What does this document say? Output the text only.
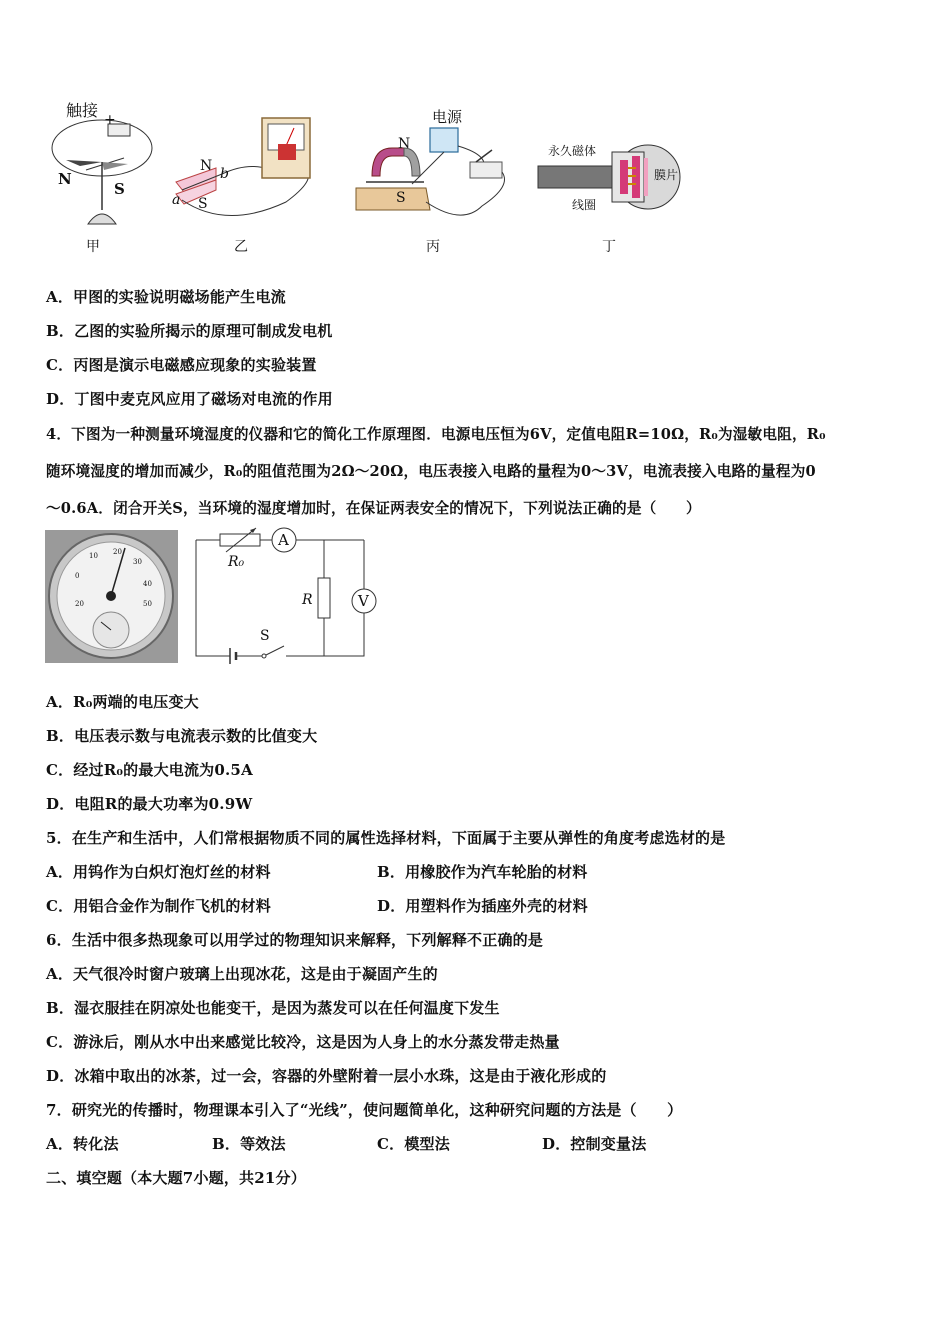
触接 +
N
S
甲
N b
a S
乙
电源
N
S
丙
永久磁体
线圈
膜片
丁
A．甲图的实验说明磁场能产生电流
B．乙图的实验所揭示的原理可制成发电机
C．丙图是演示电磁感应现象的实验装置
D．丁图中麦克风应用了磁场对电流的作用
4．下图为一种测量环境湿度的仪器和它的简化工作原理图．电源电压恒为6V，定值电阻R=10Ω，R₀为湿敏电阻，R₀
随环境湿度的增加而减少，R₀的阻值范围为2Ω～20Ω，电压表接入电路的量程为0～3V，电流表接入电路的量程为0
～0.6A．闭合开关S，当环境的湿度增加时，在保证两表安全的情况下，下列说法正确的是（　　）
10 20
30
40
50
0
20
A
R₀
R	V
S
A．R₀两端的电压变大
B．电压表示数与电流表示数的比值变大
C．经过R₀的最大电流为0.5A
D．电阻R的最大功率为0.9W
5．在生产和生活中，人们常根据物质不同的属性选择材料，下面属于主要从弹性的角度考虑选材的是
A．用钨作为白炽灯泡灯丝的材料	B．用橡胶作为汽车轮胎的材料
C．用铝合金作为制作飞机的材料	D．用塑料作为插座外壳的材料
6．生活中很多热现象可以用学过的物理知识来解释，下列解释不正确的是
A．天气很冷时窗户玻璃上出现冰花，这是由于凝固产生的
B．湿衣服挂在阴凉处也能变干，是因为蒸发可以在任何温度下发生
C．游泳后，刚从水中出来感觉比较冷，这是因为人身上的水分蒸发带走热量
D．冰箱中取出的冰茶，过一会，容器的外壁附着一层小水珠，这是由于液化形成的
7．研究光的传播时，物理课本引入了“光线”，使问题简单化，这种研究问题的方法是（　　）
A．转化法	B．等效法	C．模型法	D．控制变量法
二、填空题（本大题7小题，共21分）
